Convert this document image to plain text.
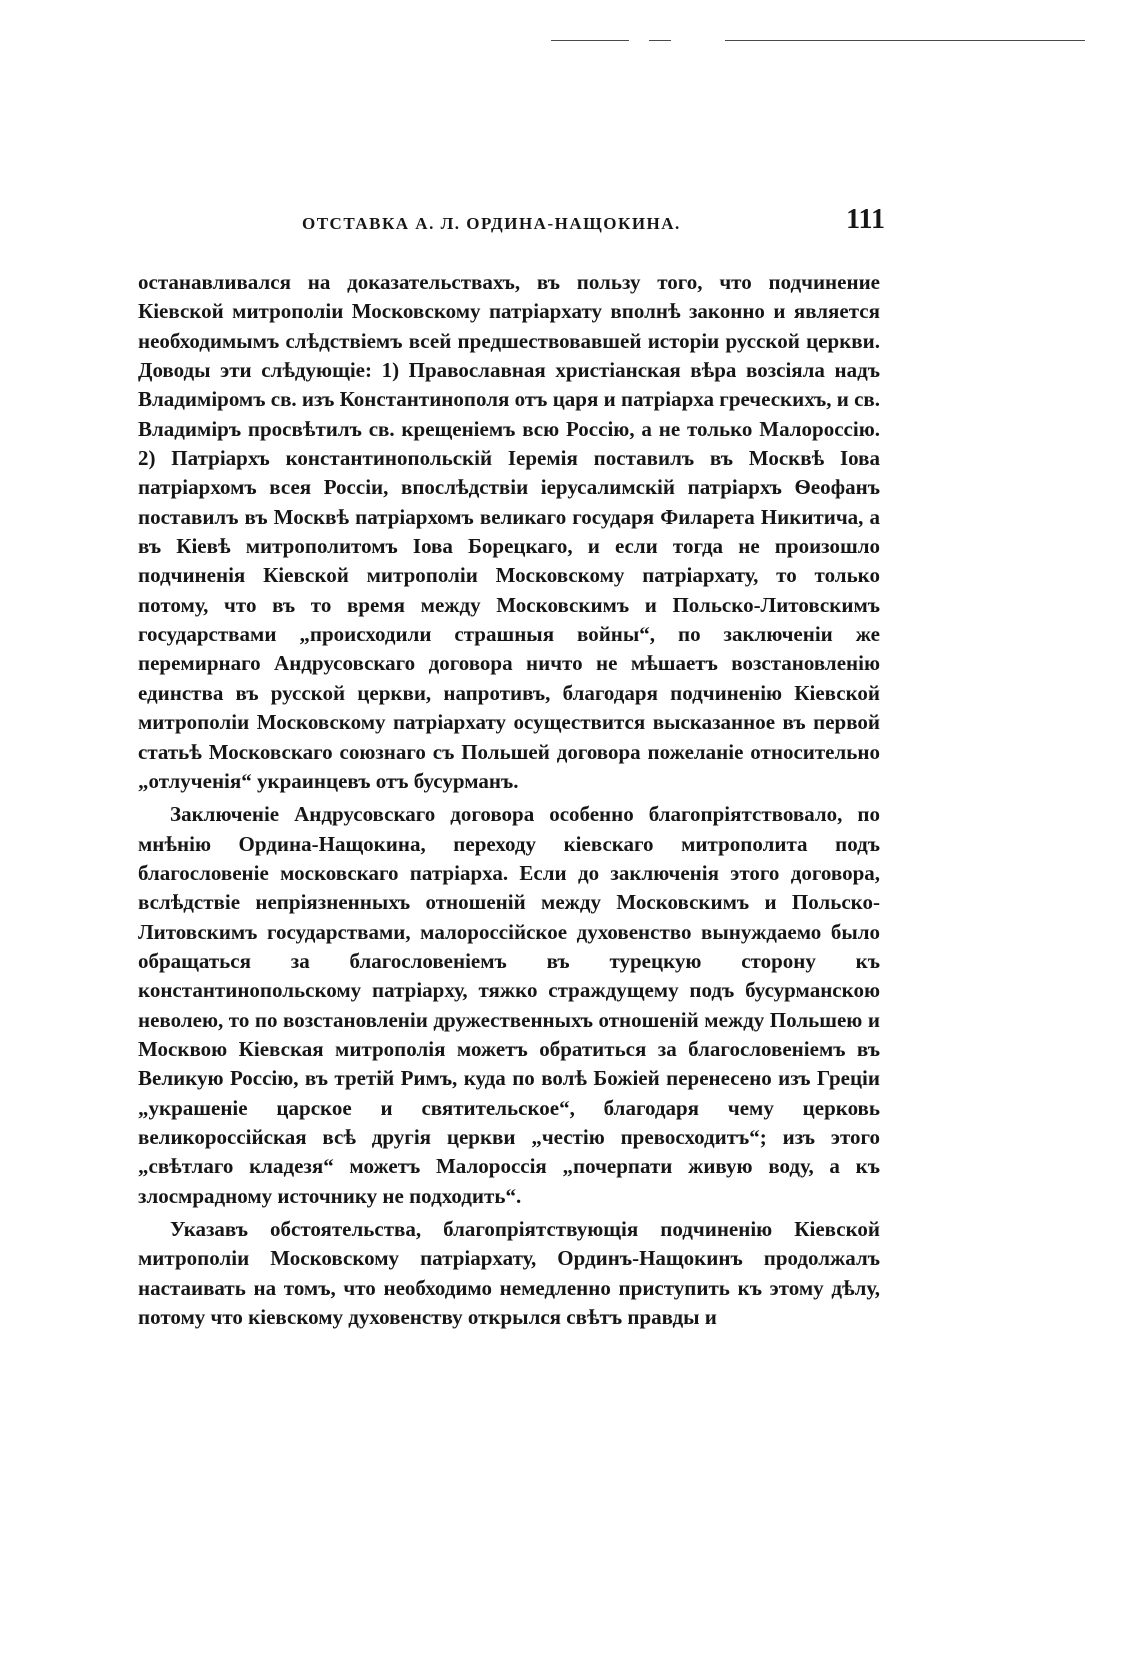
ОТСТАВКА А. Л. ОРДИНА-НАЩОКИНА.	111

останавливался на доказательствахъ, въ пользу того, что подчинение Кіевской митрополіи Московскому патріархату вполнѣ законно и является необходимымъ слѣдствіемъ всей предшествовавшей исторіи русской церкви. Доводы эти слѣдующіе: 1) Православная христіанская вѣра возсіяла надъ Владиміромъ св. изъ Константинополя отъ царя и патріарха греческихъ, и св. Владиміръ просвѣтилъ св. крещеніемъ всю Россію, а не только Малороссію. 2) Патріархъ константинопольскій Іеремія поставилъ въ Москвѣ Іова патріархомъ всея Россіи, впослѣдствіи іерусалимскій патріархъ Ѳеофанъ поставилъ въ Москвѣ патріархомъ великаго государя Филарета Никитича, а въ Кіевѣ митрополитомъ Іова Борецкаго, и если тогда не произошло подчиненія Кіевской митрополіи Московскому патріархату, то только потому, что въ то время между Московскимъ и Польско-Литовскимъ государствами „происходили страшныя войны“, по заключеніи же перемирнаго Андрусовскаго договора ничто не мѣшаетъ возстановленію единства въ русской церкви, напротивъ, благодаря подчиненію Кіевской митрополіи Московскому патріархату осуществится высказанное въ первой статьѣ Московскаго союзнаго съ Польшей договора пожеланіе относительно „отлученія“ украинцевъ отъ бусурманъ.

Заключеніе Андрусовскаго договора особенно благопріятствовало, по мнѣнію Ордина-Нащокина, переходу кіевскаго митрополита подъ благословеніе московскаго патріарха. Если до заключенія этого договора, вслѣдствіе непріязненныхъ отношеній между Московскимъ и Польско-Литовскимъ государствами, малороссійское духовенство вынуждаемо было обращаться за благословеніемъ въ турецкую сторону къ константинопольскому патріарху, тяжко страждущему подъ бусурманскою неволею, то по возстановленіи дружественныхъ отношеній между Польшею и Москвою Кіевская митрополія можетъ обратиться за благословеніемъ въ Великую Россію, въ третій Римъ, куда по волѣ Божіей перенесено изъ Греціи „украшеніе царское и святительское“, благодаря чему церковь великороссійская всѣ другія церкви „честію превосходитъ“; изъ этого „свѣтлаго кладезя“ можетъ Малороссія „почерпати живую воду, а къ злосмрадному источнику не подходить“.

Указавъ обстоятельства, благопріятствующія подчиненію Кіевской митрополіи Московскому патріархату, Ординъ-Нащокинъ продолжалъ настаивать на томъ, что необходимо немедленно приступить къ этому дѣлу, потому что кіевскому духовенству открылся свѣтъ правды и
